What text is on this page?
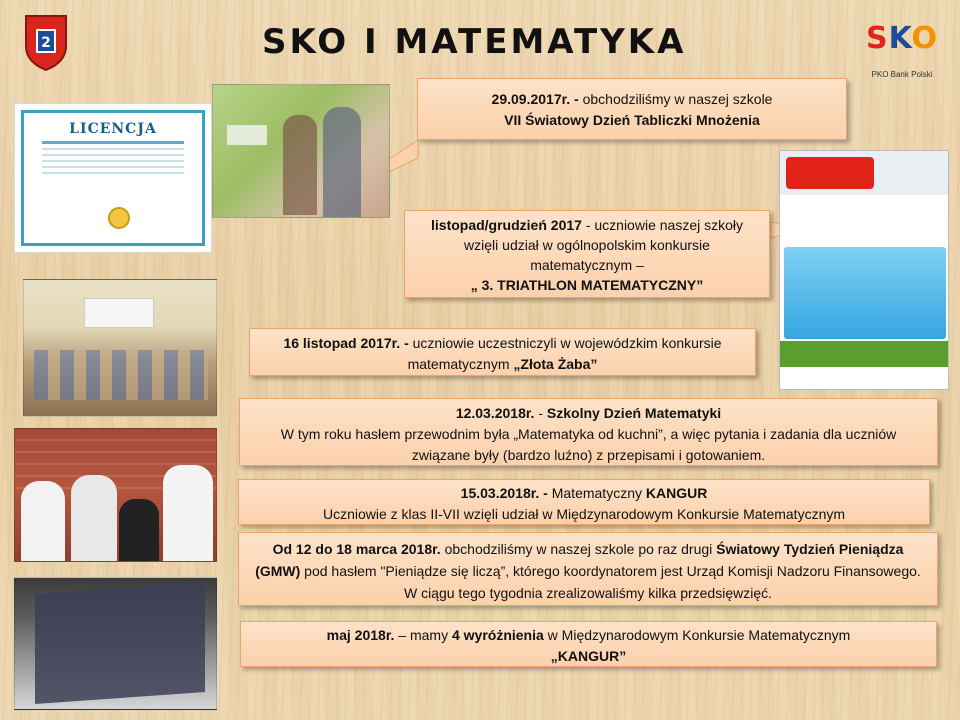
2	SKO I MATEMATYKA	SKO
PKO Bank Polski
LICENCJA
29.09.2017r. - obchodziliśmy w naszej szkole
VII Światowy Dzień Tabliczki Mnożenia
listopad/grudzień 2017 - uczniowie naszej szkoły wzięli udział w ogólnopolskim konkursie matematycznym –
„ 3. TRIATHLON MATEMATYCZNY”
16 listopad 2017r. - uczniowie uczestniczyli w wojewódzkim konkursie matematycznym „Złota Żaba”
12.03.2018r. - Szkolny Dzień Matematyki
W tym roku hasłem przewodnim była „Matematyka od kuchni”, a więc pytania i zadania dla uczniów związane były (bardzo luźno) z przepisami i gotowaniem.
15.03.2018r. - Matematyczny KANGUR
Uczniowie z klas II-VII wzięli udział w Międzynarodowym Konkursie Matematycznym
Od 12 do 18 marca 2018r. obchodziliśmy w naszej szkole po raz drugi Światowy Tydzień Pieniądza (GMW) pod hasłem "Pieniądze się liczą”, którego koordynatorem jest Urząd Komisji Nadzoru Finansowego. W ciągu tego tygodnia zrealizowaliśmy kilka przedsięwzięć.
maj 2018r. – mamy 4 wyróżnienia w Międzynarodowym Konkursie Matematycznym
„KANGUR”
